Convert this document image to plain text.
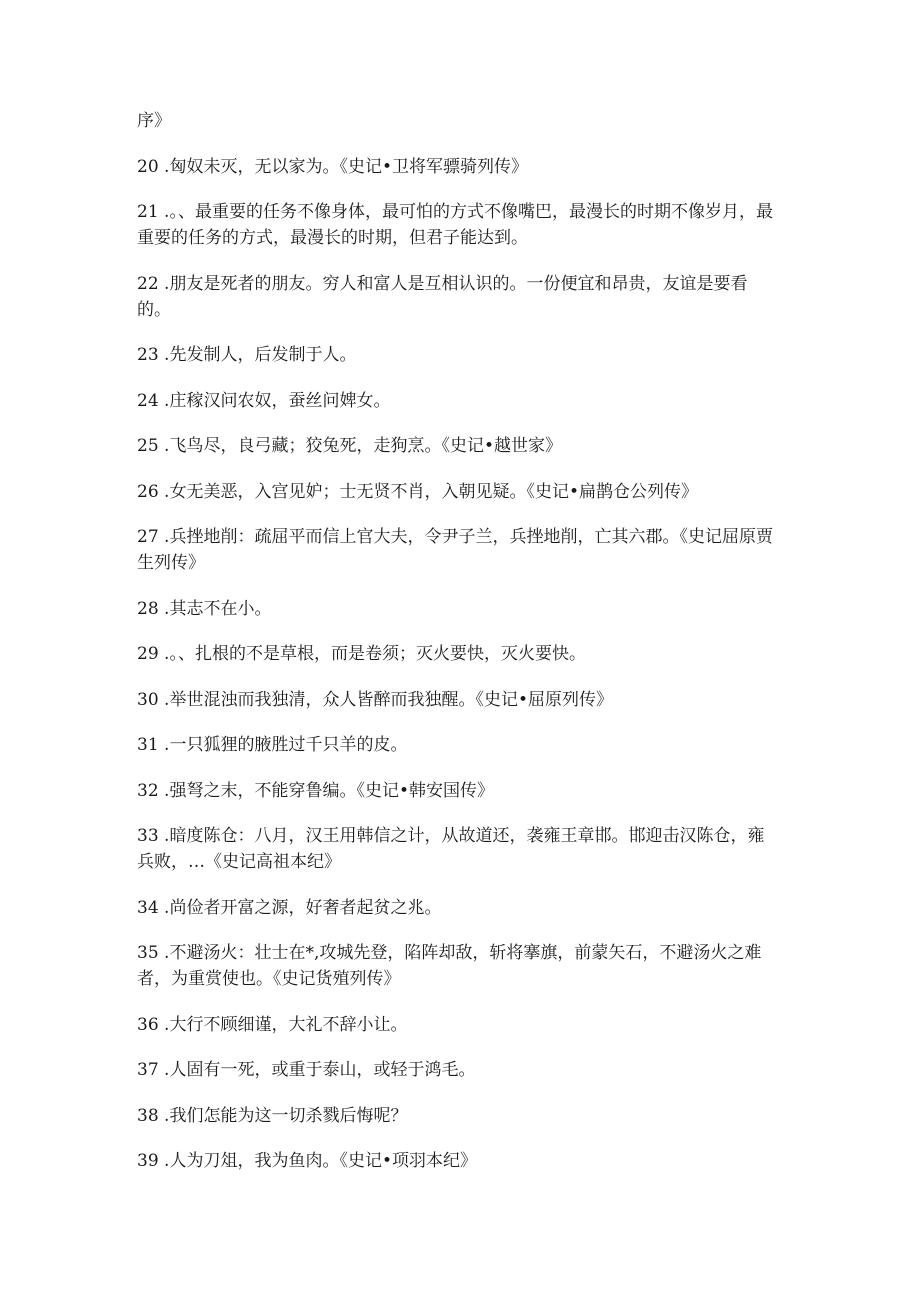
序》
20 .匈奴未灭，无以家为。《史记•卫将军骠骑列传》
21 .。、最重要的任务不像身体，最可怕的方式不像嘴巴，最漫长的时期不像岁月，最重要的任务的方式，最漫长的时期，但君子能达到。
22 .朋友是死者的朋友。穷人和富人是互相认识的。一份便宜和昂贵，友谊是要看的。
23 .先发制人，后发制于人。
24 .庄稼汉问农奴，蚕丝问婢女。
25 .飞鸟尽，良弓藏；狡兔死，走狗烹。《史记•越世家》
26 .女无美恶，入宫见妒；士无贤不肖，入朝见疑。《史记•扁鹊仓公列传》
27 .兵挫地削：疏屈平而信上官大夫，令尹子兰，兵挫地削，亡其六郡。《史记屈原贾生列传》
28 .其志不在小。
29 .。、扎根的不是草根，而是卷须；灭火要快，灭火要快。
30 .举世混浊而我独清，众人皆醉而我独醒。《史记•屈原列传》
31 .一只狐狸的腋胜过千只羊的皮。
32 .强弩之末，不能穿鲁编。《史记•韩安国传》
33 .暗度陈仓：八月，汉王用韩信之计，从故道还，袭雍王章邯。邯迎击汉陈仓，雍兵败，…《史记高祖本纪》
34 .尚俭者开富之源，好奢者起贫之兆。
35 .不避汤火：壮士在*,攻城先登，陷阵却敌，斩将搴旗，前蒙矢石，不避汤火之难者，为重赏使也。《史记货殖列传》
36 .大行不顾细谨，大礼不辞小让。
37 .人固有一死，或重于泰山，或轻于鸿毛。
38 .我们怎能为这一切杀戮后悔呢？
39 .人为刀俎，我为鱼肉。《史记•项羽本纪》
